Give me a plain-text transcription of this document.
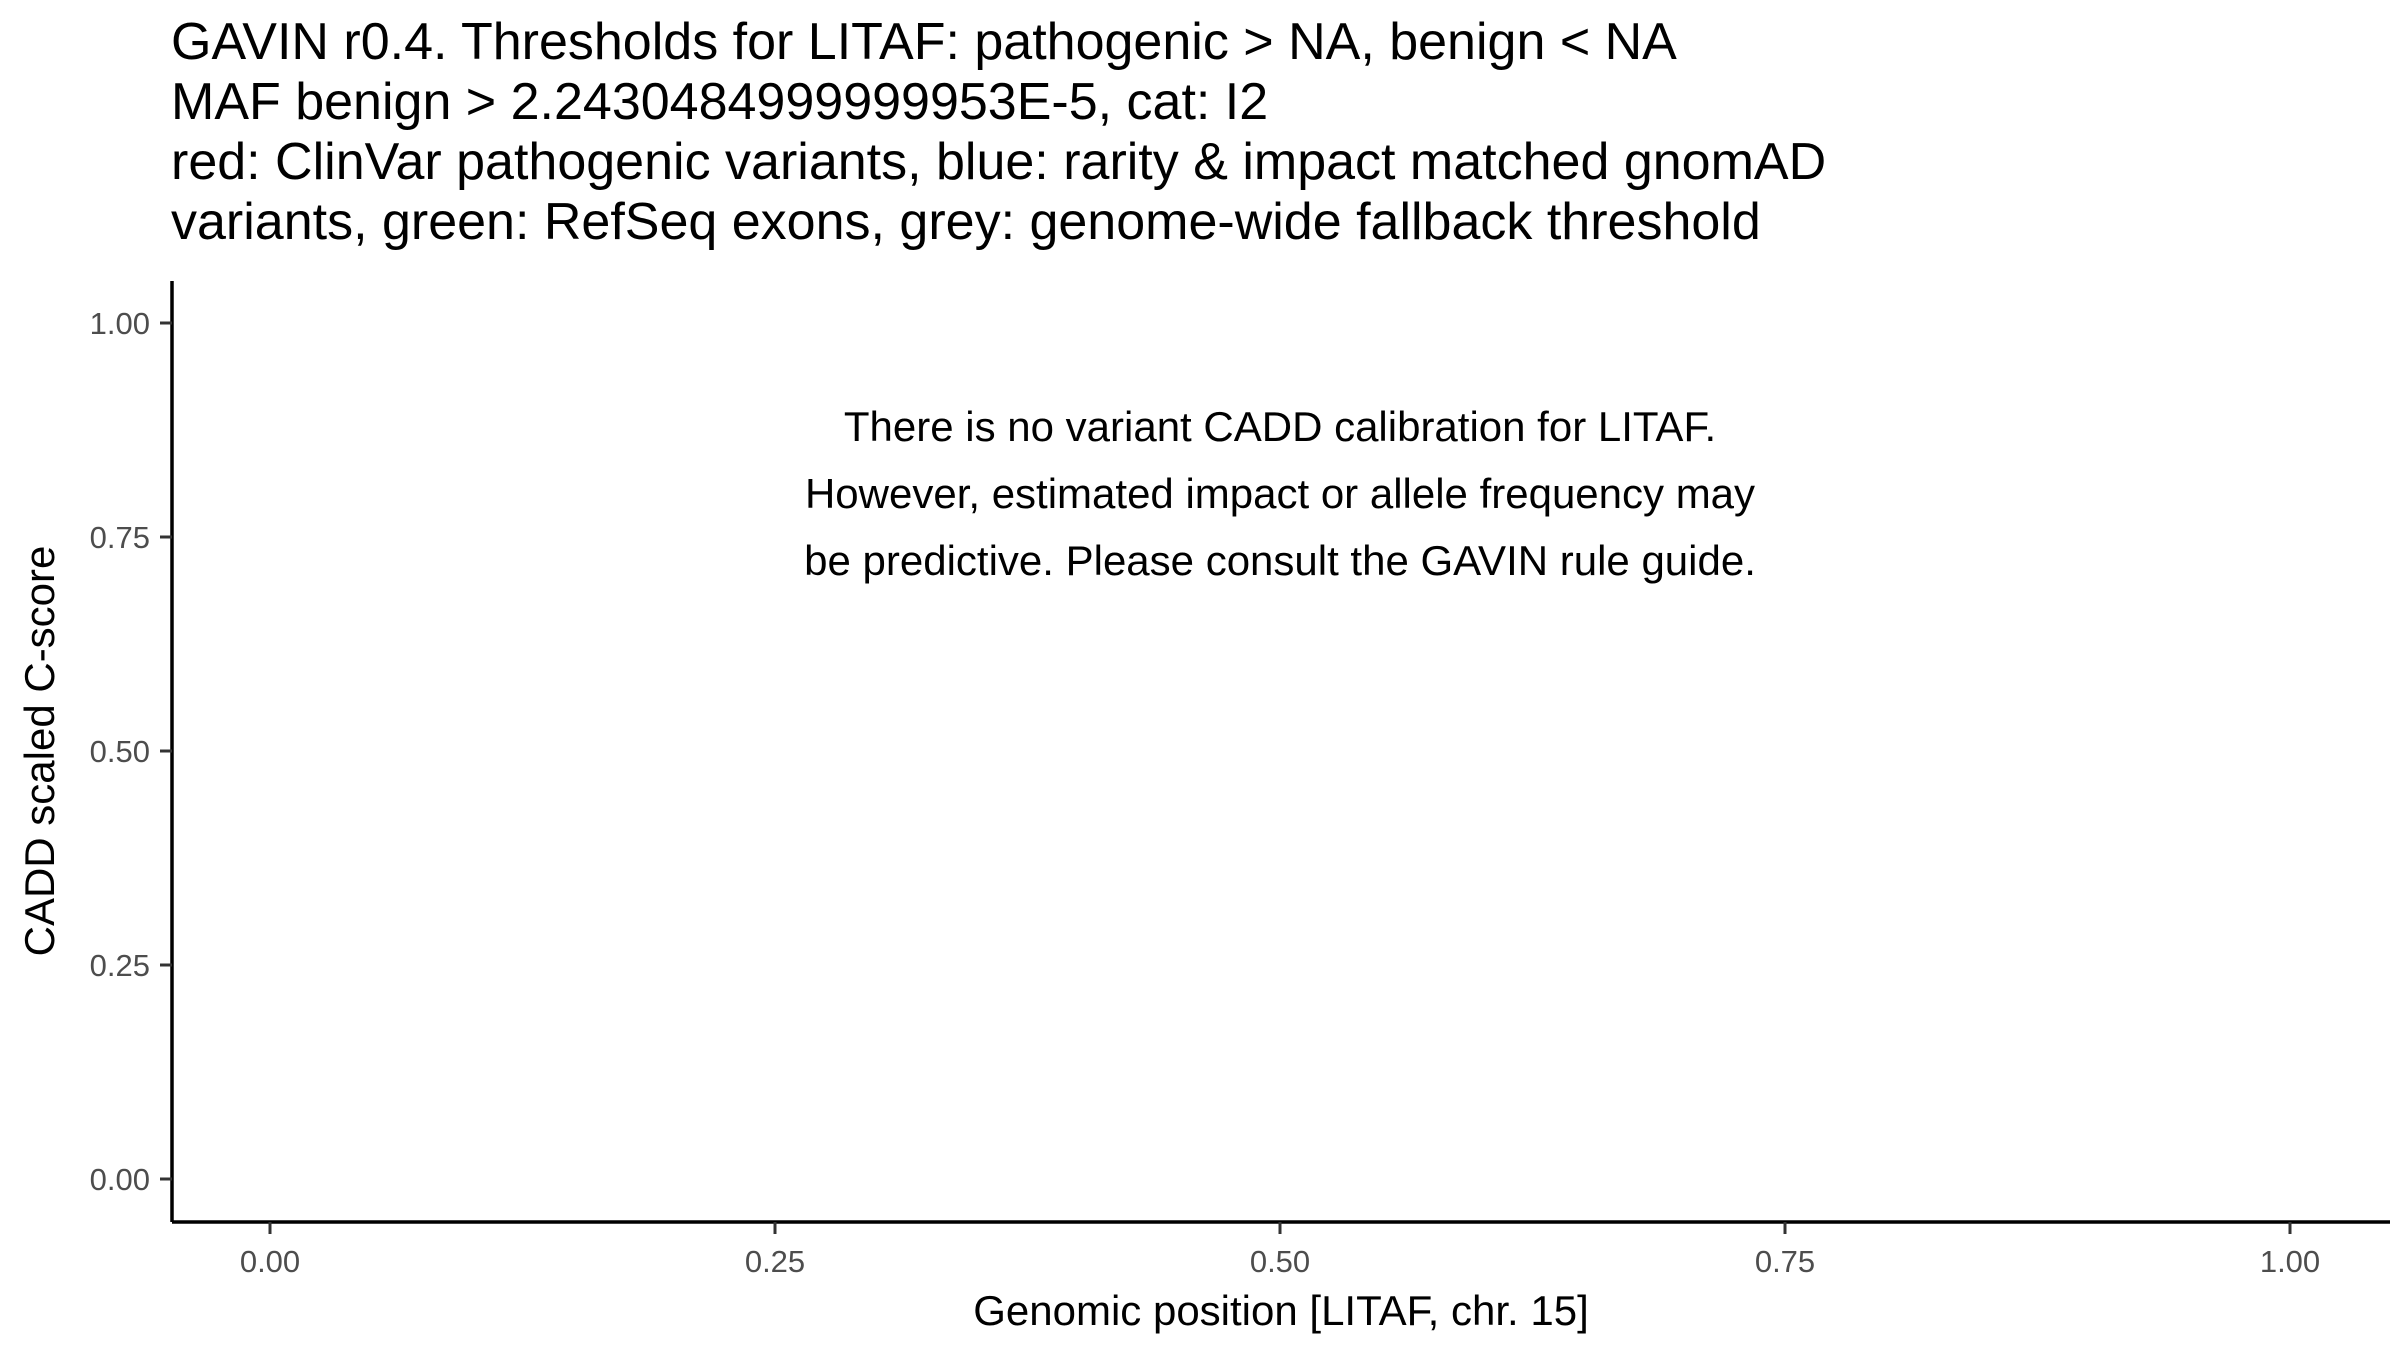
GAVIN r0.4. Thresholds for LITAF: pathogenic > NA, benign < NA
MAF benign > 2.2430484999999953E-5, cat: I2
red: ClinVar pathogenic variants, blue: rarity & impact matched gnomAD
variants, green: RefSeq exons, grey: genome-wide fallback threshold
0.00
0.25
0.50
0.75
1.00
0.00	0.25	0.50	0.75	1.00
There is no variant CADD calibration for LITAF.
However, estimated impact or allele frequency may
be predictive. Please consult the GAVIN rule guide.
Genomic position [LITAF, chr. 15]
CADD scaled C-score
